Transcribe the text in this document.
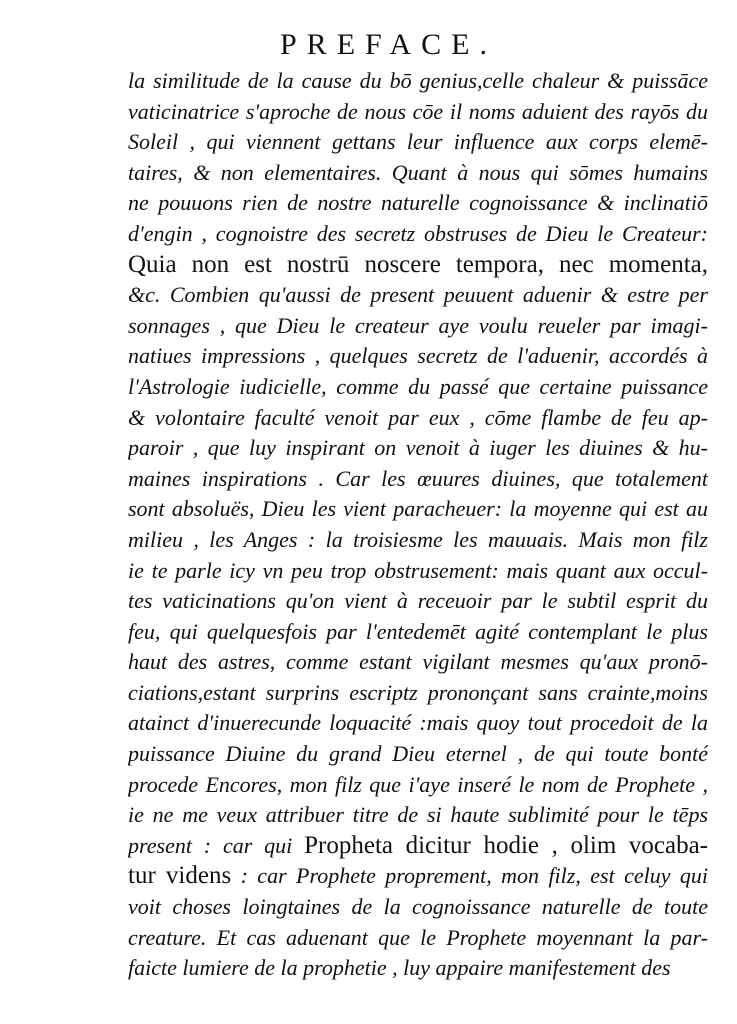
PREFACE.
la similitude de la cause du bō genius,celle chaleur & puissāce
vaticinatrice s'aproche de nous cōe il noms aduient des rayōs du
Soleil , qui viennent gettans leur influence aux corps elemē-
taires, & non elementaires. Quant à nous qui sōmes humains
ne pouuons rien de nostre naturelle cognoissance & inclinatiō
d'engin , cognoistre des secretz obstruses de Dieu le Createur:
Quia non est nostrū noscere tempora, nec momenta,
&c. Combien qu'aussi de present peuuent aduenir & estre per
sonnages , que Dieu le createur aye voulu reueler par imagi-
natiues impressions , quelques secretz de l'aduenir, accordés à
l'Astrologie iudicielle, comme du passé que certaine puissance
& volontaire faculté venoit par eux , cōme flambe de feu ap-
paroir , que luy inspirant on venoit à iuger les diuines & hu-
maines inspirations . Car les œuures diuines, que totalement
sont absoluës, Dieu les vient paracheuer: la moyenne qui est au
milieu , les Anges : la troisiesme les mauuais. Mais mon filz
ie te parle icy vn peu trop obstrusement: mais quant aux occul-
tes vaticinations qu'on vient à receuoir par le subtil esprit du
feu, qui quelquesfois par l'entedemēt agité contemplant le plus
haut des astres, comme estant vigilant mesmes qu'aux pronō-
ciations,estant surprins escriptz prononçant sans crainte,moins
atainct d'inuerecunde loquacité :mais quoy tout procedoit de la
puissance Diuine du grand Dieu eternel , de qui toute bonté
procede Encores, mon filz que i'aye inseré le nom de Prophete ,
ie ne me veux attribuer titre de si haute sublimité pour le tēps
present : car qui Propheta dicitur hodie , olim vocaba-
tur videns : car Prophete proprement, mon filz, est celuy qui
voit choses loingtaines de la cognoissance naturelle de toute
creature. Et cas aduenant que le Prophete moyennant la par-
faicte lumiere de la prophetie , luy appaire manifestement des
